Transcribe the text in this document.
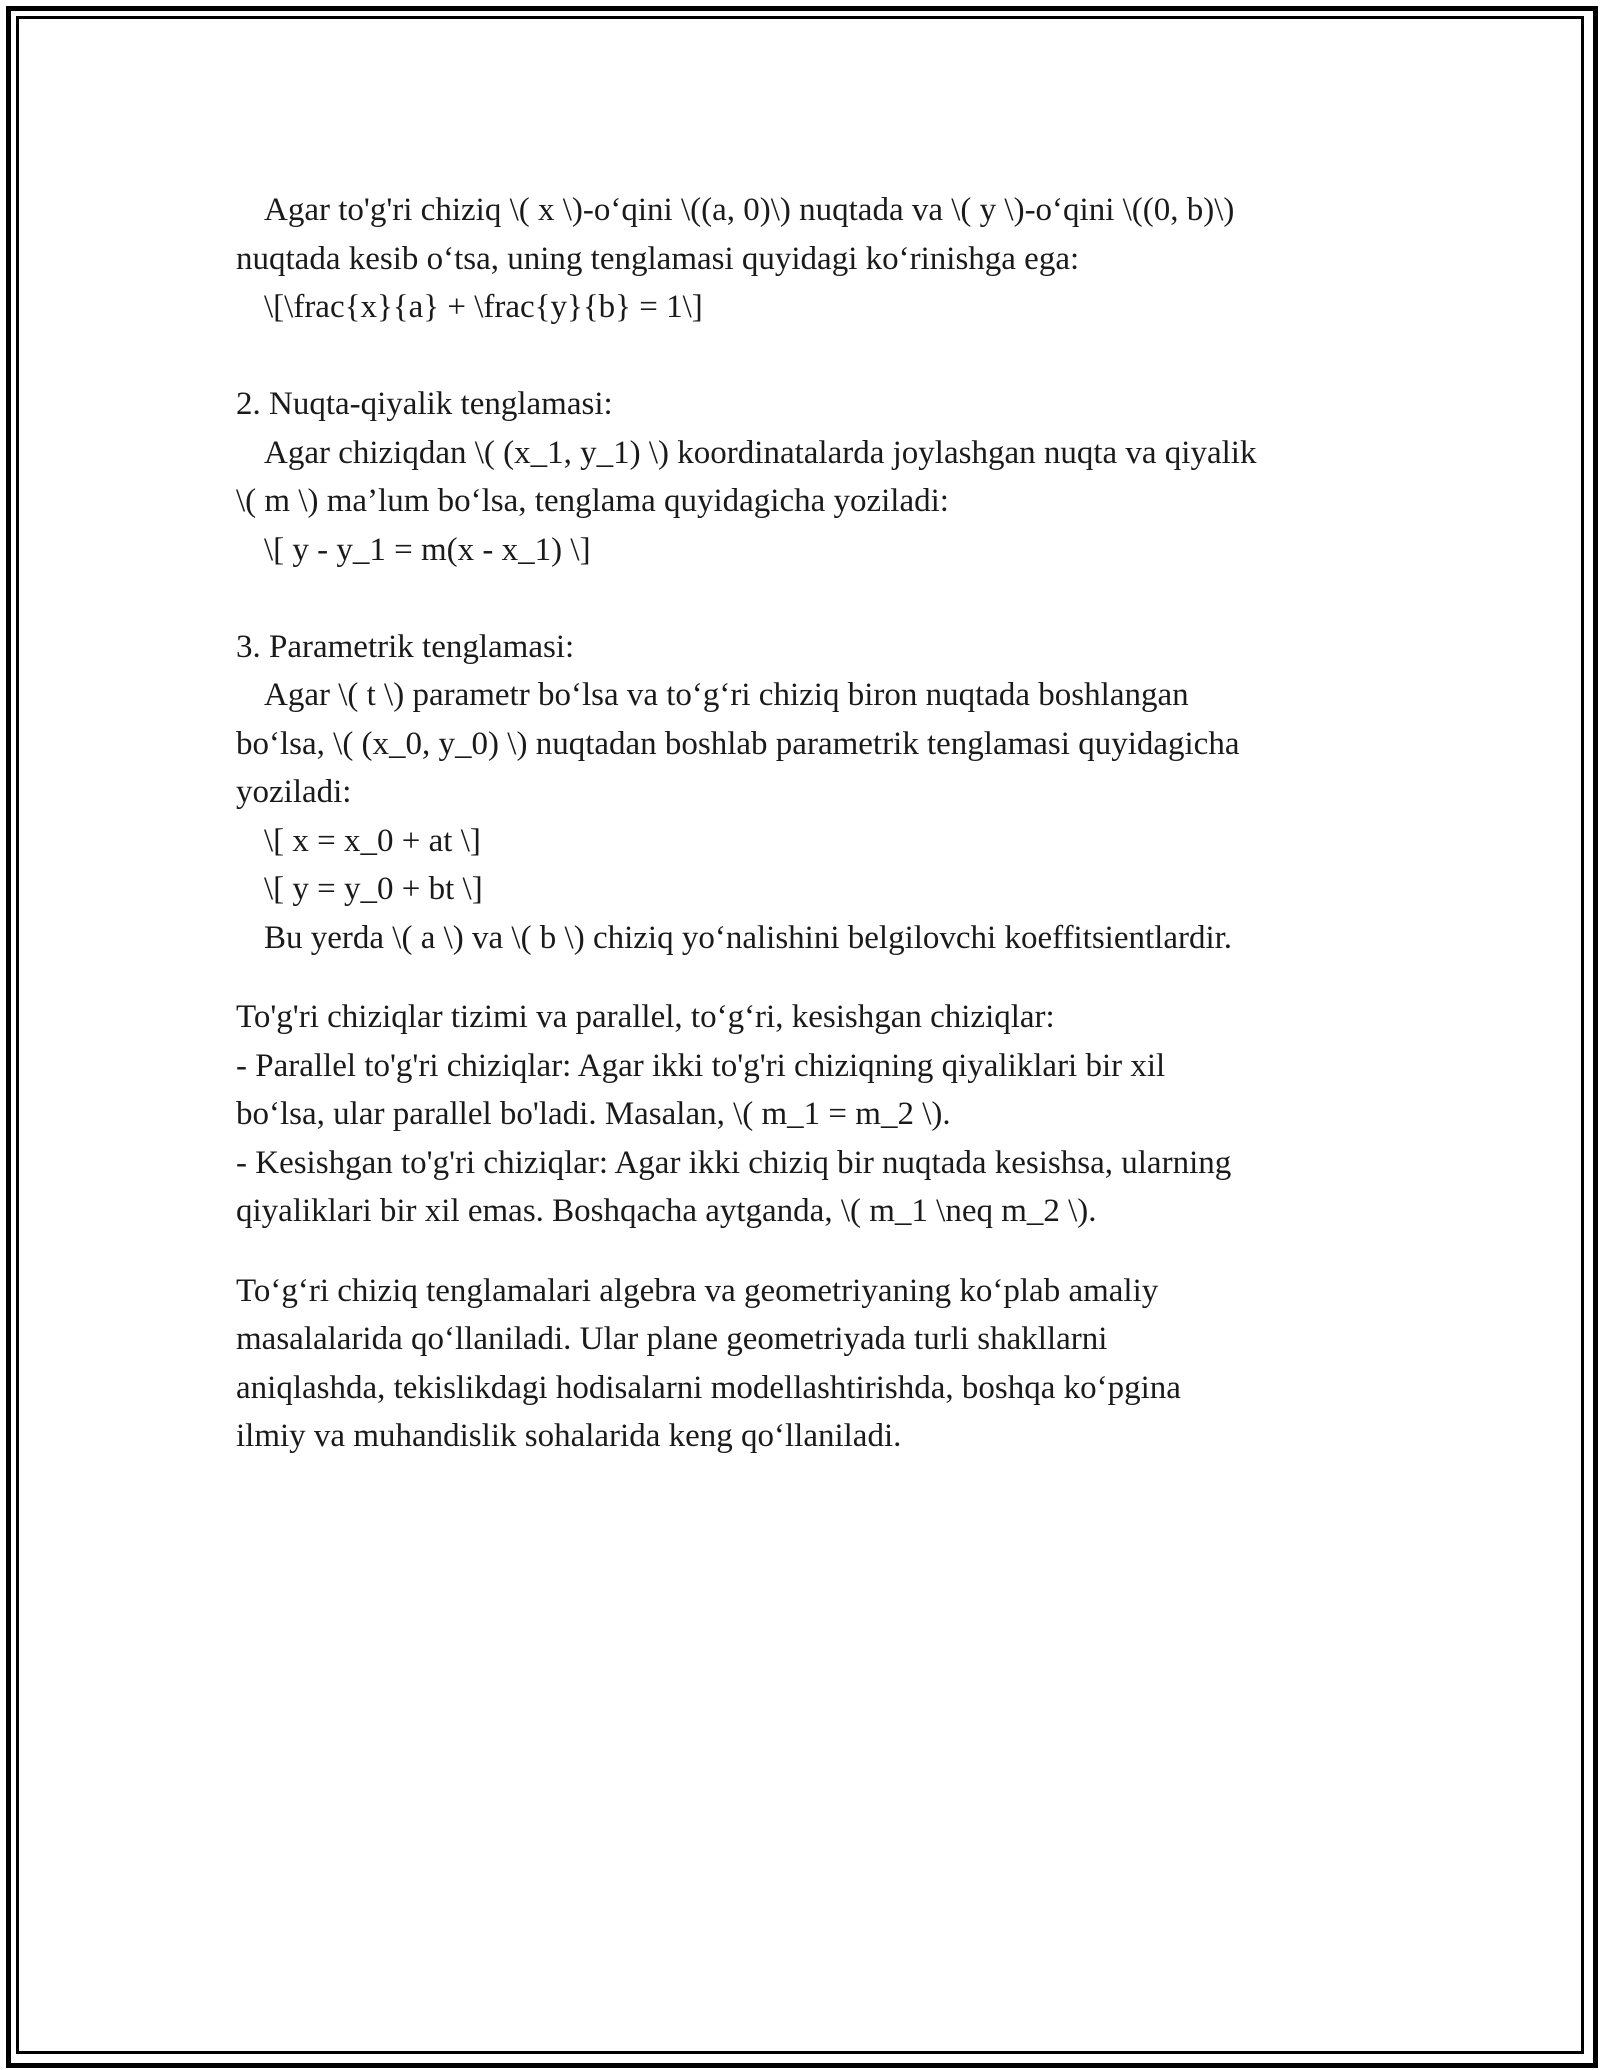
Agar to'g'ri chiziq \( x \)-o‘qini \((a, 0)\) nuqtada va \( y \)-o‘qini \((0, b)\)

nuqtada kesib o‘tsa, uning tenglamasi quyidagi ko‘rinishga ega:

\[\frac{x}{a} + \frac{y}{b} = 1\]

2. Nuqta-qiyalik tenglamasi:

Agar chiziqdan \( (x_1, y_1) \) koordinatalarda joylashgan nuqta va qiyalik

\( m \) ma’lum bo‘lsa, tenglama quyidagicha yoziladi:

\[ y - y_1 = m(x - x_1) \]

3. Parametrik tenglamasi:

Agar \( t \) parametr bo‘lsa va to‘g‘ri chiziq biron nuqtada boshlangan

bo‘lsa, \( (x_0, y_0) \) nuqtadan boshlab parametrik tenglamasi quyidagicha

yoziladi:

\[ x = x_0 + at \]

\[ y = y_0 + bt \]

Bu yerda \( a \) va \( b \) chiziq yo‘nalishini belgilovchi koeffitsientlardir.

To'g'ri chiziqlar tizimi va parallel, to‘g‘ri, kesishgan chiziqlar:

- Parallel to'g'ri chiziqlar: Agar ikki to'g'ri chiziqning qiyaliklari bir xil

bo‘lsa, ular parallel bo'ladi. Masalan, \( m_1 = m_2 \).

- Kesishgan to'g'ri chiziqlar: Agar ikki chiziq bir nuqtada kesishsa, ularning

qiyaliklari bir xil emas. Boshqacha aytganda, \( m_1 \neq m_2 \).

To‘g‘ri chiziq tenglamalari algebra va geometriyaning ko‘plab amaliy

masalalarida qo‘llaniladi. Ular plane geometriyada turli shakllarni

aniqlashda, tekislikdagi hodisalarni modellashtirishda, boshqa ko‘pgina

ilmiy va muhandislik sohalarida keng qo‘llaniladi.
